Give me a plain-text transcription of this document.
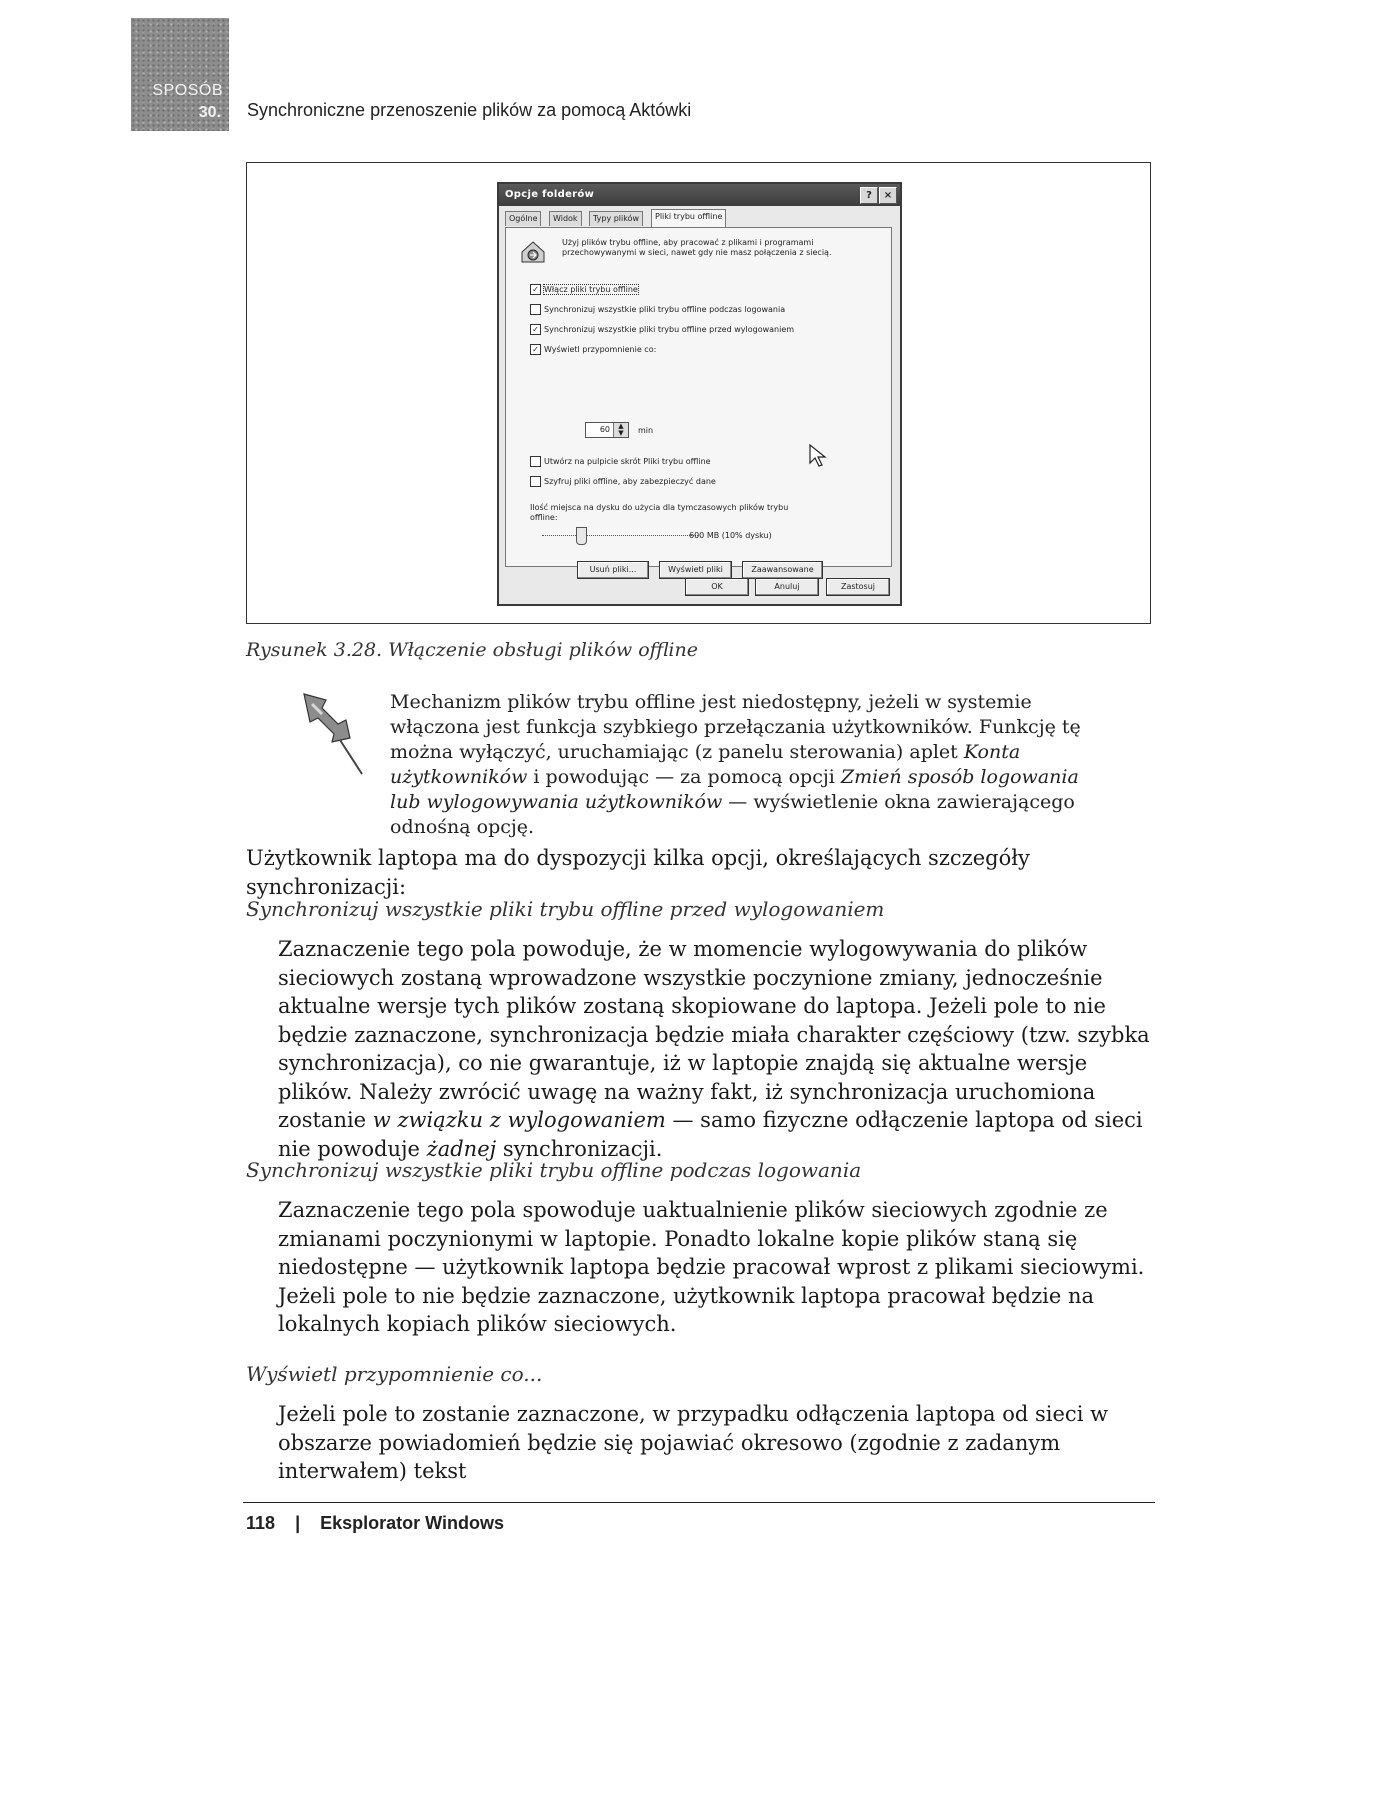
SPOSÓB
30. Synchroniczne przenoszenie plików za pomocą Aktówki
Opcje folderów	?	×
Ogólne	Widok	Typy plików	Pliki trybu offline
Użyj plików trybu offline, aby pracować z plikami i programami przechowywanymi w sieci, nawet gdy nie masz połączenia z siecią.
✓ Włącz pliki trybu offline
Synchronizuj wszystkie pliki trybu offline podczas logowania
✓ Synchronizuj wszystkie pliki trybu offline przed wylogowaniem
✓ Wyświetl przypomnienie co:
60	▲
▼	min
Utwórz na pulpicie skrót Pliki trybu offline
Szyfruj pliki offline, aby zabezpieczyć dane
Ilość miejsca na dysku do użycia dla tymczasowych plików trybu offline:
600 MB (10% dysku)
Usuń pliki...	Wyświetl pliki	Zaawansowane
OK	Anuluj	Zastosuj
Rysunek 3.28. Włączenie obsługi plików offline
Mechanizm plików trybu offline jest niedostępny, jeżeli w systemie włączona jest funkcja szybkiego przełączania użytkowników. Funkcję tę można wyłączyć, uruchamiając (z panelu sterowania) aplet Konta użytkowników i powodując — za pomocą opcji Zmień sposób logowania lub wylogowywania użytkowników — wyświetlenie okna zawierającego odnośną opcję.
Użytkownik laptopa ma do dyspozycji kilka opcji, określających szczegóły synchronizacji:
Synchronizuj wszystkie pliki trybu offline przed wylogowaniem
Zaznaczenie tego pola powoduje, że w momencie wylogowywania do plików sieciowych zostaną wprowadzone wszystkie poczynione zmiany, jednocześnie aktualne wersje tych plików zostaną skopiowane do laptopa. Jeżeli pole to nie będzie zaznaczone, synchronizacja będzie miała charakter częściowy (tzw. szybka synchronizacja), co nie gwarantuje, iż w laptopie znajdą się aktualne wersje plików. Należy zwrócić uwagę na ważny fakt, iż synchronizacja uruchomiona zostanie w związku z wylogowaniem — samo fizyczne odłączenie laptopa od sieci nie powoduje żadnej synchronizacji.
Synchronizuj wszystkie pliki trybu offline podczas logowania
Zaznaczenie tego pola spowoduje uaktualnienie plików sieciowych zgodnie ze zmianami poczynionymi w laptopie. Ponadto lokalne kopie plików staną się niedostępne — użytkownik laptopa będzie pracował wprost z plikami sieciowymi. Jeżeli pole to nie będzie zaznaczone, użytkownik laptopa pracował będzie na lokalnych kopiach plików sieciowych.
Wyświetl przypomnienie co...
Jeżeli pole to zostanie zaznaczone, w przypadku odłączenia laptopa od sieci w obszarze powiadomień będzie się pojawiać okresowo (zgodnie z zadanym interwałem) tekst
118 | Eksplorator Windows
